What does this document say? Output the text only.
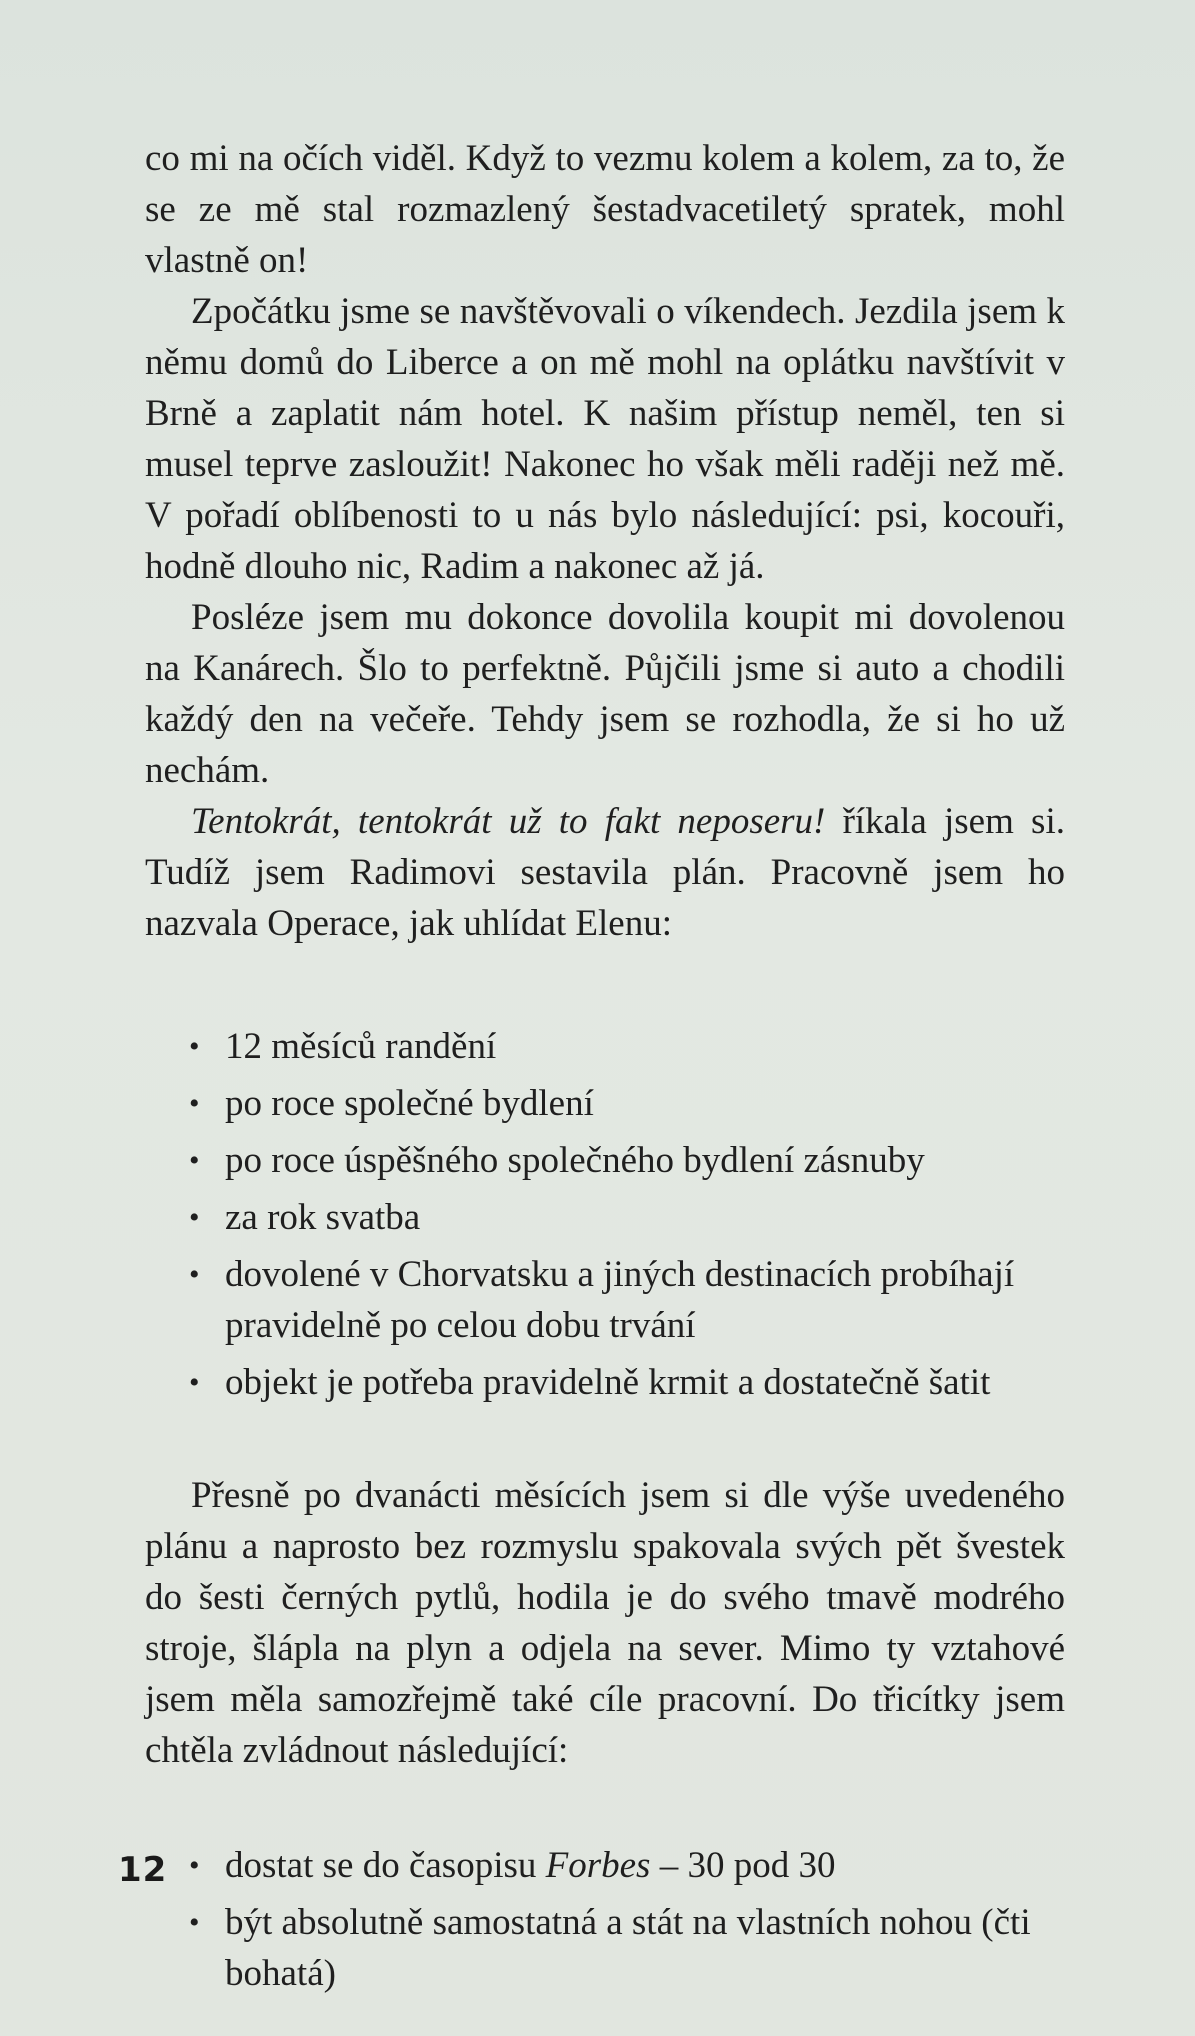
co mi na očích viděl. Když to vezmu kolem a kolem, za to, že se ze mě stal rozmazlený šestadvacetiletý spratek, mohl vlastně on!

Zpočátku jsme se navštěvovali o víkendech. Jezdila jsem k němu domů do Liberce a on mě mohl na oplátku navštívit v Brně a zaplatit nám hotel. K našim přístup neměl, ten si musel teprve zasloužit! Nakonec ho však měli raději než mě. V pořadí oblíbenosti to u nás bylo následující: psi, kocouři, hodně dlouho nic, Radim a nakonec až já.

Posléze jsem mu dokonce dovolila koupit mi dovolenou na Kanárech. Šlo to perfektně. Půjčili jsme si auto a chodili každý den na večeře. Tehdy jsem se rozhodla, že si ho už nechám.

Tentokrát, tentokrát už to fakt neposeru! říkala jsem si. Tudíž jsem Radimovi sestavila plán. Pracovně jsem ho nazvala Operace, jak uhlídat Elenu:

• 12 měsíců randění
• po roce společné bydlení
• po roce úspěšného společného bydlení zásnuby
• za rok svatba
• dovolené v Chorvatsku a jiných destinacích probíhají pravidelně po celou dobu trvání
• objekt je potřeba pravidelně krmit a dostatečně šatit

Přesně po dvanácti měsících jsem si dle výše uvedeného plánu a naprosto bez rozmyslu spakovala svých pět švestek do šesti černých pytlů, hodila je do svého tmavě modrého stroje, šlápla na plyn a odjela na sever. Mimo ty vztahové jsem měla samozřejmě také cíle pracovní. Do třicítky jsem chtěla zvládnout následující:

• dostat se do časopisu Forbes – 30 pod 30
• být absolutně samostatná a stát na vlastních nohou (čti bohatá)
12
